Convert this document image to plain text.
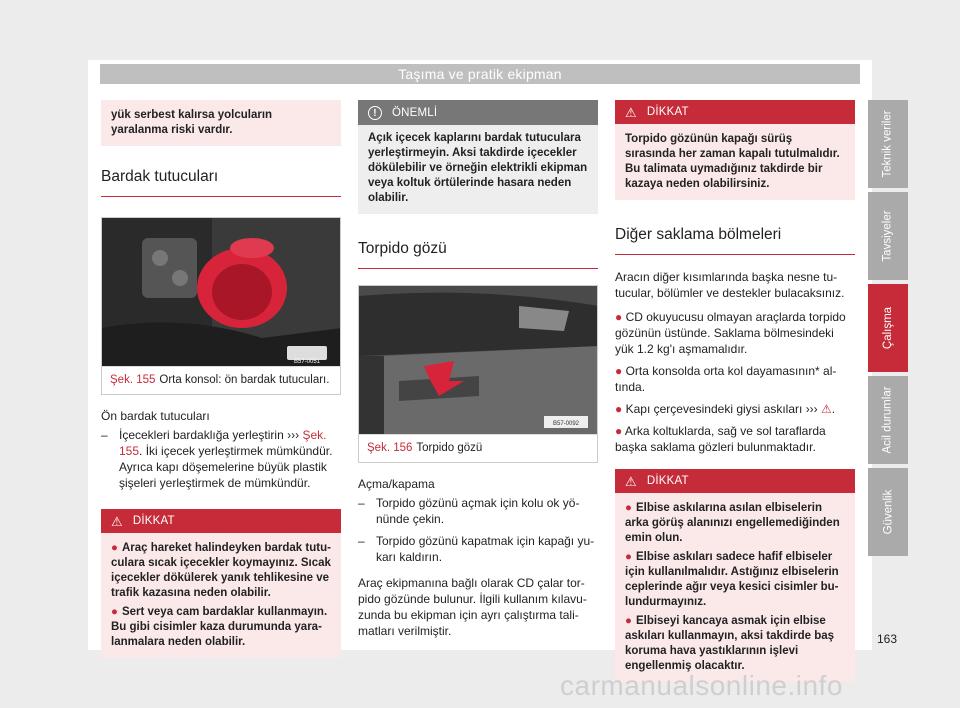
Taşıma ve pratik ekipman

yük serbest kalırsa yolcuların yaralanma riski vardır.

Bardak tutucuları
B57-0051
Şek. 155 Orta konsol: ön bardak tutucuları.
Ön bardak tutucuları
– İçecekleri bardaklığa yerleştirin ››› Şek. 155. İki içecek yerleştirmek mümkündür. Ayrıca kapı döşemelerine büyük plastik şişeleri yerleştirmek de mümkündür.
⚠ DİKKAT

● Araç hareket halindeyken bardak tutuculara sıcak içecekler koymayınız. Sıcak içecekler dökülerek yanık tehlikesine ve trafik kazasına neden olabilir.

● Sert veya cam bardaklar kullanmayın. Bu gibi cisimler kaza durumunda yaralanmalara neden olabilir.

!	ÖNEMLİ

Açık içecek kaplarını bardak tutuculara yerleştirmeyin. Aksi takdirde içecekler dökülebilir ve örneğin elektrikli ekipman veya koltuk örtülerinde hasara neden olabilir.

Torpido gözü
B57-0092
Şek. 156 Torpido gözü
Açma/kapama
– Torpido gözünü açmak için kolu ok yönünde çekin.
– Torpido gözünü kapatmak için kapağı yukarı kaldırın.
Araç ekipmanına bağlı olarak CD çalar torpido gözünde bulunur. İlgili kullanım kılavuzunda bu ekipman için ayrı çalıştırma talimatları verilmiştir.
⚠ DİKKAT

Torpido gözünün kapağı sürüş sırasında her zaman kapalı tutulmalıdır. Bu talimata uymadığınız takdirde bir kazaya neden olabilirsiniz.

Diğer saklama bölmeleri
Aracın diğer kısımlarında başka nesne tutucular, bölümler ve destekler bulacaksınız.
● CD okuyucusu olmayan araçlarda torpido gözünün üstünde. Saklama bölmesindeki yük 1.2 kg'ı aşmamalıdır.
● Orta konsolda orta kol dayamasının* altında.
● Kapı çerçevesindeki giysi askıları ››› ⚠.
● Arka koltuklarda, sağ ve sol taraflarda başka saklama gözleri bulunmaktadır.
⚠ DİKKAT

● Elbise askılarına asılan elbiselerin arka görüş alanınızı engellemediğinden emin olun.

● Elbise askıları sadece hafif elbiseler için kullanılmalıdır. Astığınız elbiselerin ceplerinde ağır veya kesici cisimler bulundurmayınız.

● Elbiseyi kancaya asmak için elbise askıları kullanmayın, aksi takdirde baş koruma hava yastıklarının işlevi engellenmiş olacaktır.

Teknik veriler
Tavsiyeler
Çalışma
Acil durumlar
Güvenlik
163
carmanualsonline.info
